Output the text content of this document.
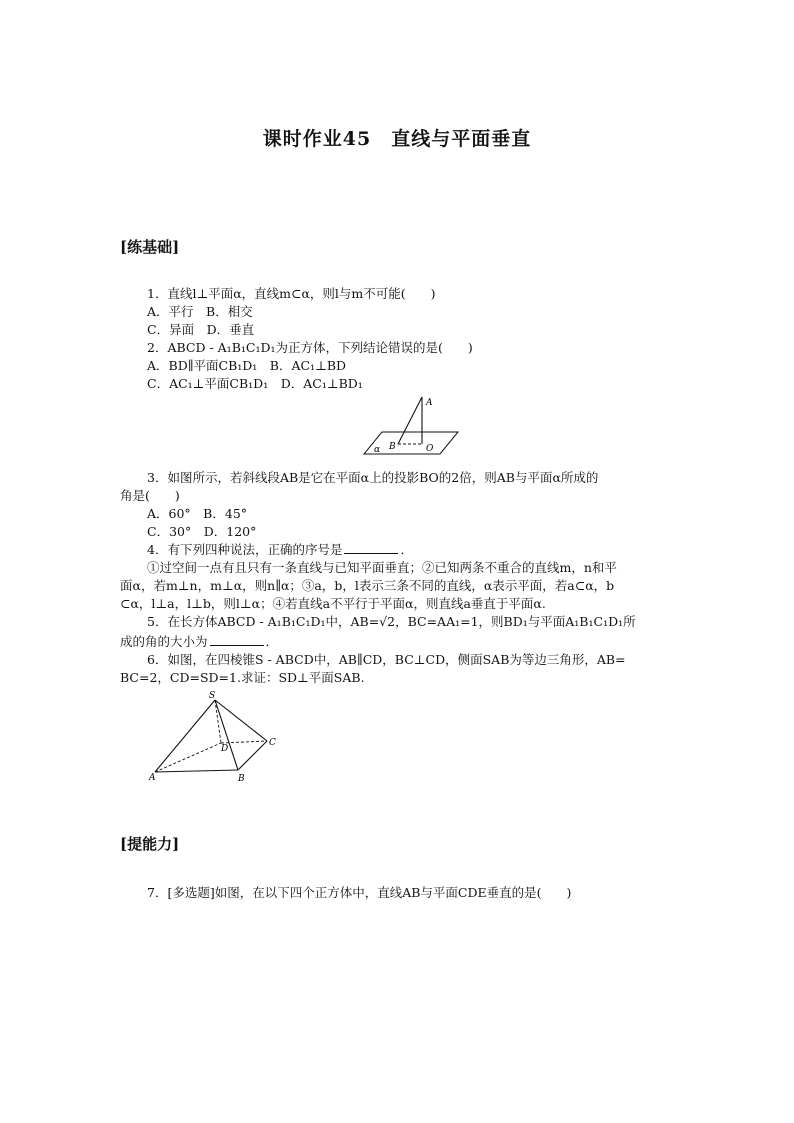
课时作业45　直线与平面垂直
[练基础]
1．直线l⊥平面α，直线m⊂α，则l与m不可能(　　)
A．平行　B．相交
C．异面　D．垂直
2．ABCD - A₁B₁C₁D₁为正方体，下列结论错误的是(　　)
A．BD∥平面CB₁D₁　B．AC₁⊥BD
C．AC₁⊥平面CB₁D₁　D．AC₁⊥BD₁
A
B	O
α
3．如图所示，若斜线段AB是它在平面α上的投影BO的2倍，则AB与平面α所成的
角是(　　)
A．60°　B．45°
C．30°　D．120°
4．有下列四种说法，正确的序号是	．
①过空间一点有且只有一条直线与已知平面垂直；②已知两条不重合的直线m，n和平
面α，若m⊥n，m⊥α，则n∥α；③a，b，l表示三条不同的直线，α表示平面，若a⊂α，b
⊂α，l⊥a，l⊥b，则l⊥α；④若直线a不平行于平面α，则直线a垂直于平面α.
5．在长方体ABCD - A₁B₁C₁D₁中，AB=√2，BC=AA₁=1，则BD₁与平面A₁B₁C₁D₁所
成的角的大小为	．
6．如图，在四棱锥S - ABCD中，AB∥CD，BC⊥CD，侧面SAB为等边三角形，AB=
BC=2，CD=SD=1.求证：SD⊥平面SAB.
S
D
C
A	B
[提能力]
7．[多选题]如图，在以下四个正方体中，直线AB与平面CDE垂直的是(　　)
